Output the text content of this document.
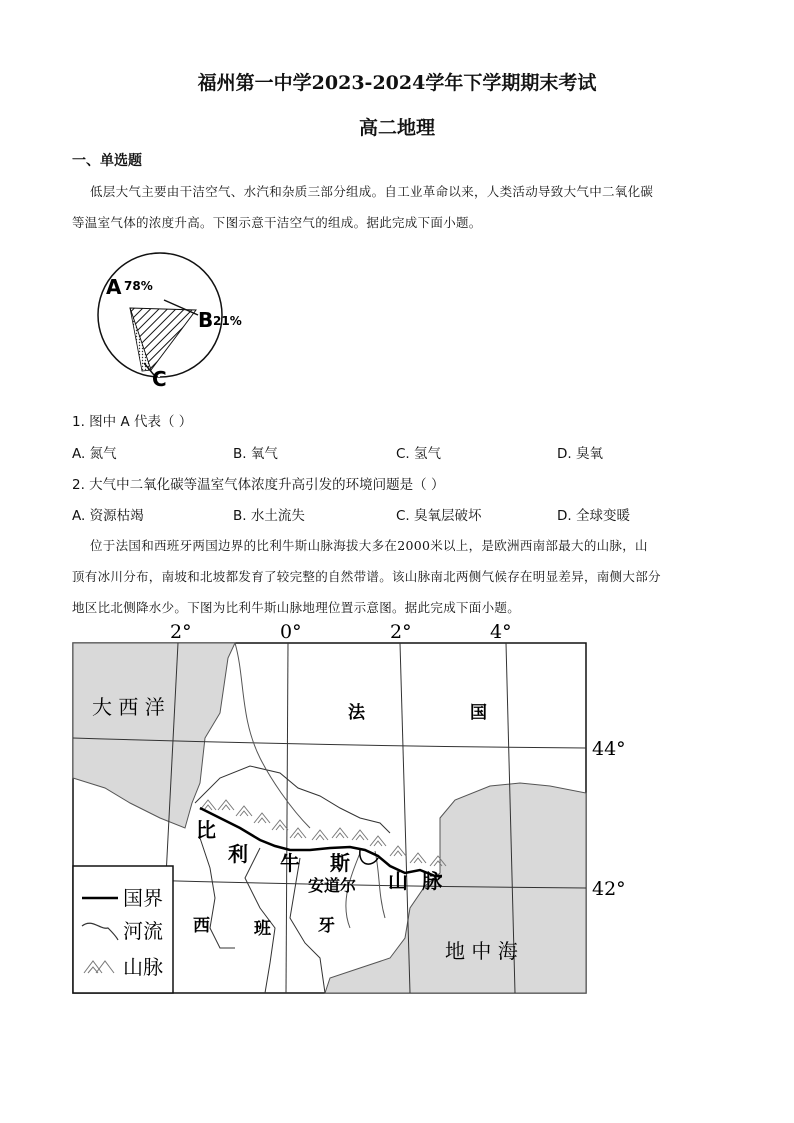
福州第一中学2023-2024学年下学期期末考试
高二地理
一、单选题
低层大气主要由干洁空气、水汽和杂质三部分组成。自工业革命以来，人类活动导致大气中二氧化碳
等温室气体的浓度升高。下图示意干洁空气的组成。据此完成下面小题。
A 78%
B 21%
C
1. 图中 A 代表（ ）
A. 氮气	B. 氧气	C. 氢气	D. 臭氧
2. 大气中二氧化碳等温室气体浓度升高引发的环境问题是（ ）
A. 资源枯竭	B. 水土流失	C. 臭氧层破坏	D. 全球变暖
位于法国和西班牙两国边界的比利牛斯山脉海拔大多在2000米以上，是欧洲西南部最大的山脉，山
顶有冰川分布，南坡和北坡都发育了较完整的自然带谱。该山脉南北两侧气候存在明显差异，南侧大部分
地区比北侧降水少。下图为比利牛斯山脉地理位置示意图。据此完成下面小题。
2°	0°	2°	4°
44°
42°
大 西 洋	法	国
比
利 牛 斯
安道尔 山 脉
西	班	牙
地 中 海
国界
河流
山脉
